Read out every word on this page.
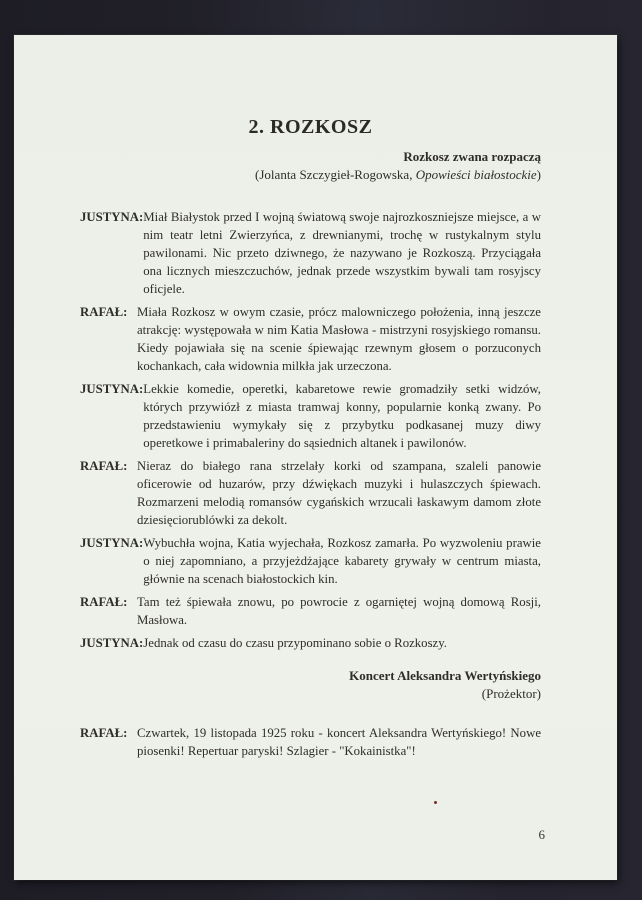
2. ROZKOSZ
Rozkosz zwana rozpaczą
(Jolanta Szczygieł-Rogowska, Opowieści białostockie)
JUSTYNA: Miał Białystok przed I wojną światową swoje najrozkoszniejsze miejsce, a w nim teatr letni Zwierzyńca, z drewnianymi, trochę w rustykalnym stylu pawilonami. Nic przeto dziwnego, że nazywano je Rozkoszą. Przyciągała ona licznych mieszczuchów, jednak przede wszystkim bywali tam rosyjscy oficjele.
RAFAŁ: Miała Rozkosz w owym czasie, prócz malowniczego położenia, inną jeszcze atrakcję: występowała w nim Katia Masłowa - mistrzyni rosyjskiego romansu. Kiedy pojawiała się na scenie śpiewając rzewnym głosem o porzuconych kochankach, cała widownia milkła jak urzeczona.
JUSTYNA: Lekkie komedie, operetki, kabaretowe rewie gromadziły setki widzów, których przywiózł z miasta tramwaj konny, popularnie konką zwany. Po przedstawieniu wymykały się z przybytku podkasanej muzy diwy operetkowe i primabaleriny do sąsiednich altanek i pawilonów.
RAFAŁ: Nieraz do białego rana strzelały korki od szampana, szaleli panowie oficerowie od huzarów, przy dźwiękach muzyki i hulaszczych śpiewach. Rozmarzeni melodią romansów cygańskich wrzucali łaskawym damom złote dziesięciorublówki za dekolt.
JUSTYNA: Wybuchła wojna, Katia wyjechała, Rozkosz zamarła. Po wyzwoleniu prawie o niej zapomniano, a przyjeżdżające kabarety grywały w centrum miasta, głównie na scenach białostockich kin.
RAFAŁ: Tam też śpiewała znowu, po powrocie z ogarniętej wojną domową Rosji, Masłowa.
JUSTYNA: Jednak od czasu do czasu przypominano sobie o Rozkoszy.
Koncert Aleksandra Wertyńskiego
(Prożektor)
RAFAŁ: Czwartek, 19 listopada 1925 roku - koncert Aleksandra Wertyńskiego! Nowe piosenki! Repertuar paryski! Szlagier - "Kokainistka"!
6
